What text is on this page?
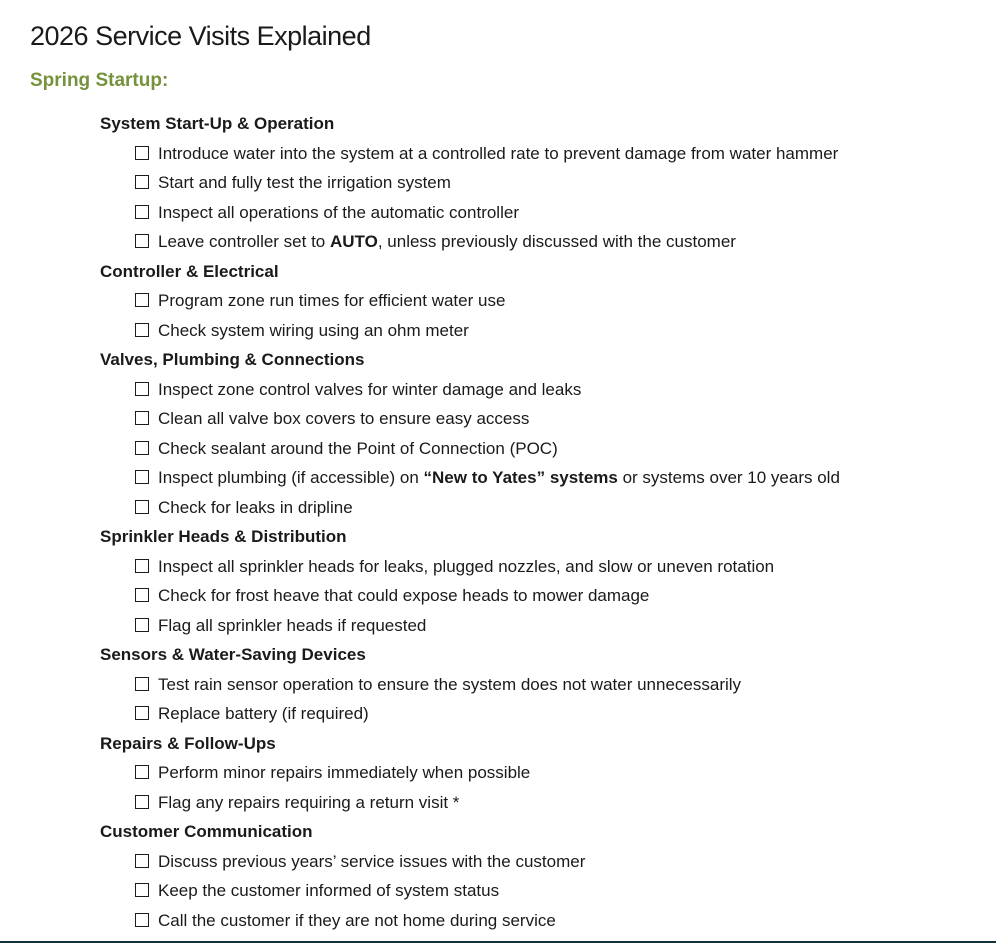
2026 Service Visits Explained
Spring Startup:
System Start-Up & Operation
Introduce water into the system at a controlled rate to prevent damage from water hammer
Start and fully test the irrigation system
Inspect all operations of the automatic controller
Leave controller set to AUTO, unless previously discussed with the customer
Controller & Electrical
Program zone run times for efficient water use
Check system wiring using an ohm meter
Valves, Plumbing & Connections
Inspect zone control valves for winter damage and leaks
Clean all valve box covers to ensure easy access
Check sealant around the Point of Connection (POC)
Inspect plumbing (if accessible) on “New to Yates” systems or systems over 10 years old
Check for leaks in dripline
Sprinkler Heads & Distribution
Inspect all sprinkler heads for leaks, plugged nozzles, and slow or uneven rotation
Check for frost heave that could expose heads to mower damage
Flag all sprinkler heads if requested
Sensors & Water-Saving Devices
Test rain sensor operation to ensure the system does not water unnecessarily
Replace battery (if required)
Repairs & Follow-Ups
Perform minor repairs immediately when possible
Flag any repairs requiring a return visit *
Customer Communication
Discuss previous years’ service issues with the customer
Keep the customer informed of system status
Call the customer if they are not home during service
